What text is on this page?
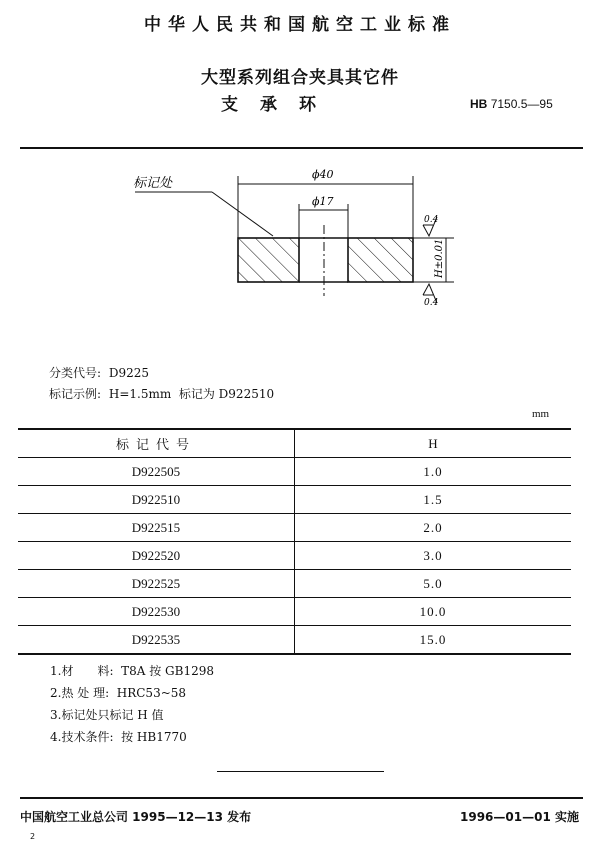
中华人民共和国航空工业标准
大型系列组合夹具其它件
支承环	HB 7150.5—95
标记处
ϕ40
ϕ17
H±0.01
0.4
0.4
分类代号: D9225
标记示例: H=1.5mm  标记为 D922510
mm
标记代号	H
D922505	1.0
D922510	1.5
D922515	2.0
D922520	3.0
D922525	5.0
D922530	10.0
D922535	15.0
1.材　　料:  T8A 按 GB1298
2.热 处 理:  HRC53~58
3.标记处只标记 H 值
4.技术条件:  按 HB1770
中国航空工业总公司 1995—12—13 发布	1996—01—01 实施
2
